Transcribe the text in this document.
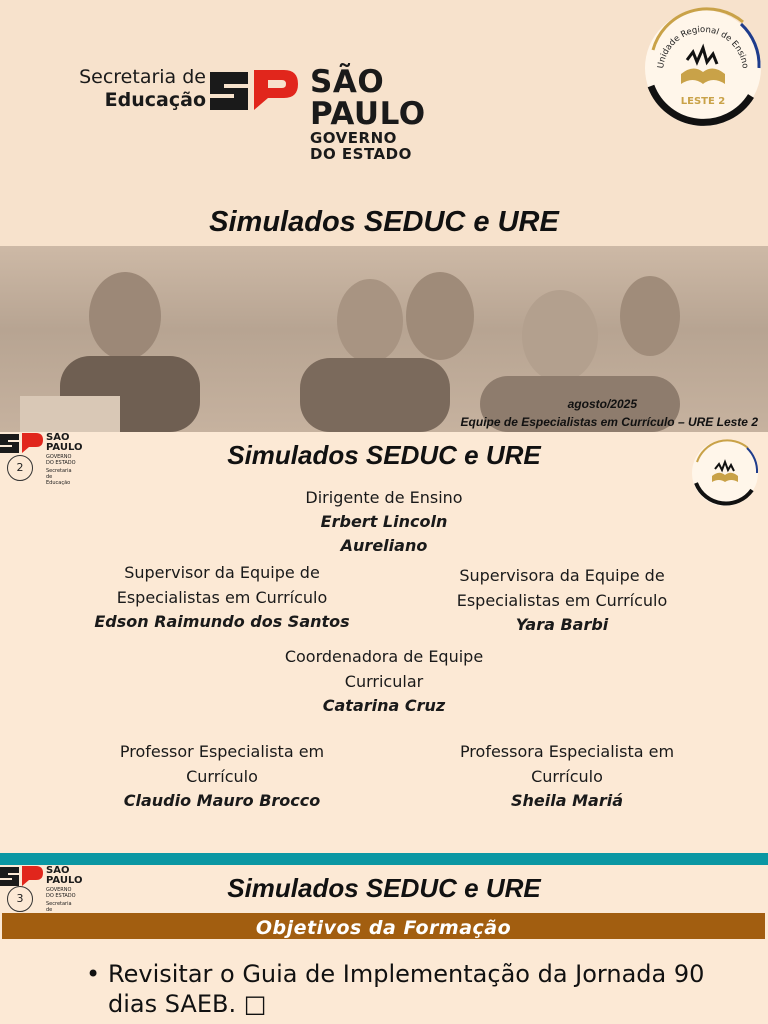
Secretaria de
Educação	SÃO PAULO
GOVERNO DO ESTADO
Unidade Regional de Ensino
LESTE 2
Simulados SEDUC e URE
agosto/2025
Equipe de Especialistas em Currículo – URE Leste 2
SÃO
PAULO
GOVERNO DO ESTADO
Secretaria de Educação
2	Simulados SEDUC e URE
Dirigente de Ensino
Erbert Lincoln
Aureliano
Supervisor da Equipe de
Especialistas em Currículo
Edson Raimundo dos Santos
Supervisora da Equipe de
Especialistas em Currículo
Yara Barbi
Coordenadora de Equipe
Curricular
Catarina Cruz
Professor Especialista em
Currículo
Claudio Mauro Brocco
Professora Especialista em
Currículo
Sheila Mariá
SÃO
PAULO
GOVERNO DO ESTADO
Secretaria de
3	Simulados SEDUC e URE
Objetivos da Formação
• Revisitar o Guia de Implementação da Jornada 90 dias SAEB. □
